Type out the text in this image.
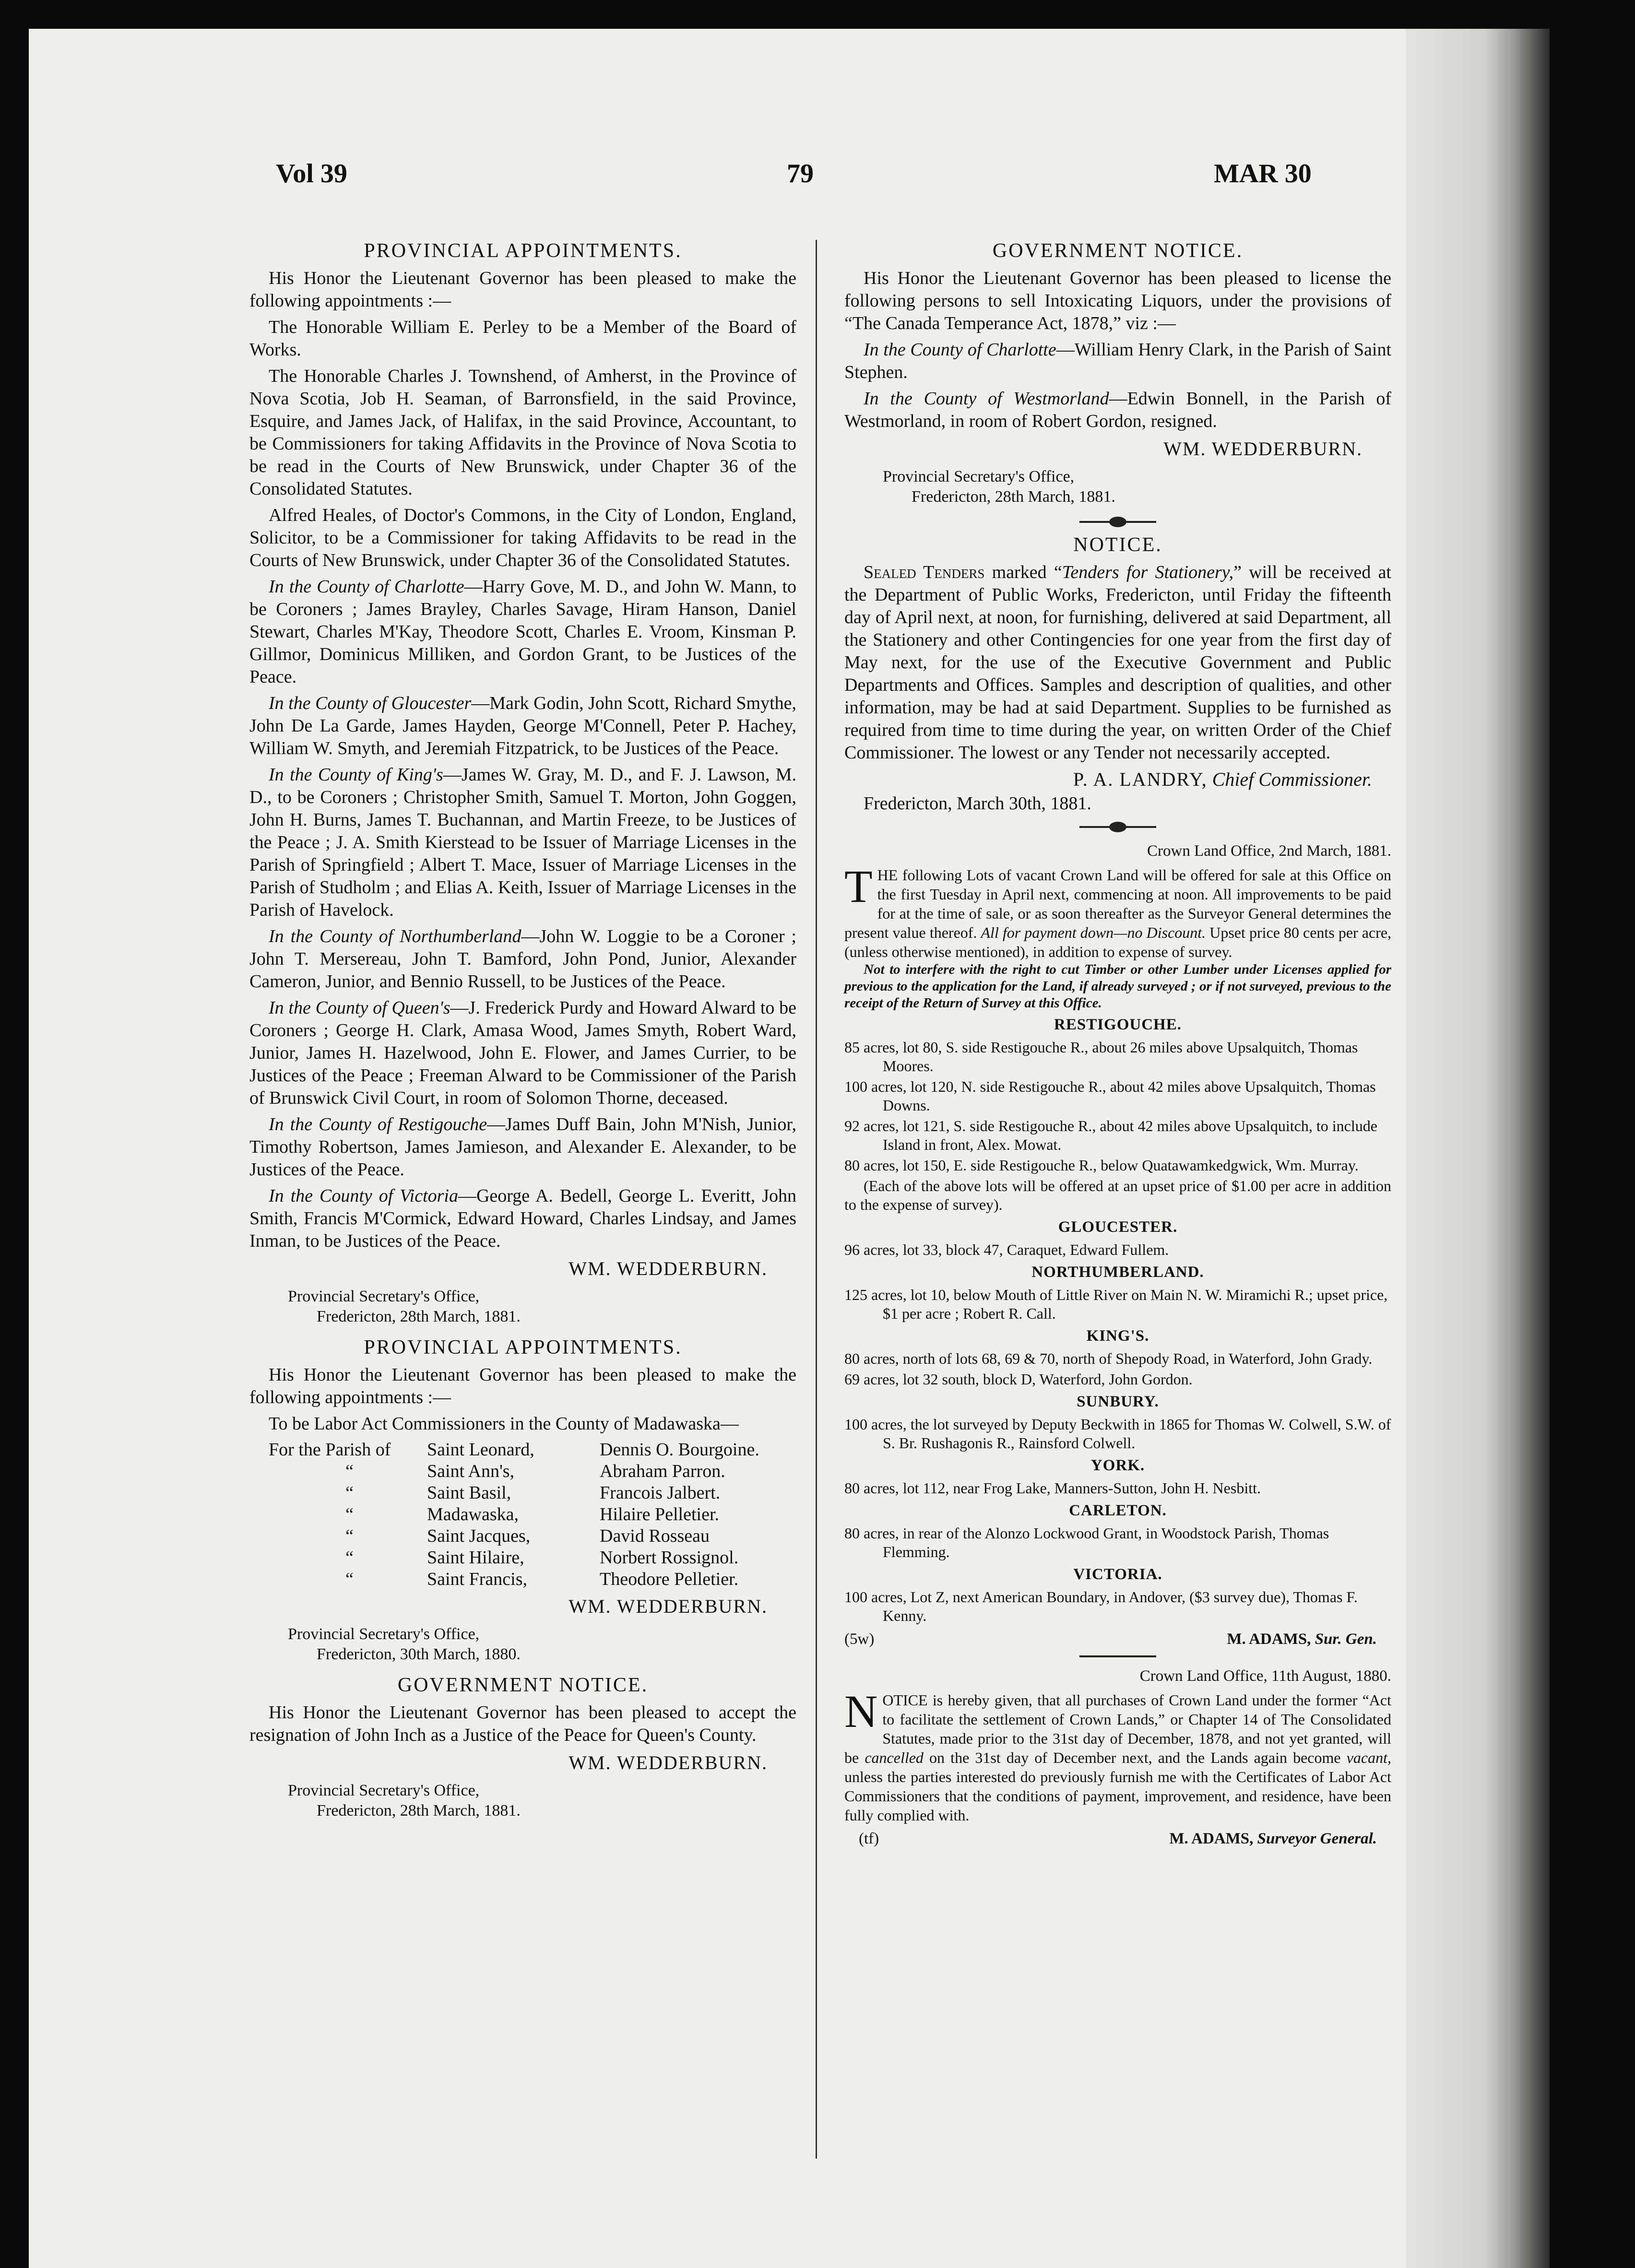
Vol 39	79	MAR 30
PROVINCIAL APPOINTMENTS.

His Honor the Lieutenant Governor has been pleased to make the following appointments :—

The Honorable William E. Perley to be a Member of the Board of Works.

The Honorable Charles J. Townshend, of Amherst, in the Province of Nova Scotia, Job H. Seaman, of Barronsfield, in the said Province, Esquire, and James Jack, of Halifax, in the said Province, Accountant, to be Commissioners for taking Affidavits in the Province of Nova Scotia to be read in the Courts of New Brunswick, under Chapter 36 of the Consolidated Statutes.

Alfred Heales, of Doctor's Commons, in the City of London, England, Solicitor, to be a Commissioner for taking Affidavits to be read in the Courts of New Brunswick, under Chapter 36 of the Consolidated Statutes.

In the County of Charlotte—Harry Gove, M. D., and John W. Mann, to be Coroners ; James Brayley, Charles Savage, Hiram Hanson, Daniel Stewart, Charles M'Kay, Theodore Scott, Charles E. Vroom, Kinsman P. Gillmor, Dominicus Milliken, and Gordon Grant, to be Justices of the Peace.

In the County of Gloucester—Mark Godin, John Scott, Richard Smythe, John De La Garde, James Hayden, George M'Connell, Peter P. Hachey, William W. Smyth, and Jeremiah Fitzpatrick, to be Justices of the Peace.

In the County of King's—James W. Gray, M. D., and F. J. Lawson, M. D., to be Coroners ; Christopher Smith, Samuel T. Morton, John Goggen, John H. Burns, James T. Buchannan, and Martin Freeze, to be Justices of the Peace ; J. A. Smith Kierstead to be Issuer of Marriage Licenses in the Parish of Springfield ; Albert T. Mace, Issuer of Marriage Licenses in the Parish of Studholm ; and Elias A. Keith, Issuer of Marriage Licenses in the Parish of Havelock.

In the County of Northumberland—John W. Loggie to be a Coroner ; John T. Mersereau, John T. Bamford, John Pond, Junior, Alexander Cameron, Junior, and Bennio Russell, to be Justices of the Peace.

In the County of Queen's—J. Frederick Purdy and Howard Alward to be Coroners ; George H. Clark, Amasa Wood, James Smyth, Robert Ward, Junior, James H. Hazelwood, John E. Flower, and James Currier, to be Justices of the Peace ; Freeman Alward to be Commissioner of the Parish of Brunswick Civil Court, in room of Solomon Thorne, deceased.

In the County of Restigouche—James Duff Bain, John M'Nish, Junior, Timothy Robertson, James Jamieson, and Alexander E. Alexander, to be Justices of the Peace.

In the County of Victoria—George A. Bedell, George L. Everitt, John Smith, Francis M'Cormick, Edward Howard, Charles Lindsay, and James Inman, to be Justices of the Peace.

WM. WEDDERBURN.
Provincial Secretary's Office,
Fredericton, 28th March, 1881.
PROVINCIAL APPOINTMENTS.

His Honor the Lieutenant Governor has been pleased to make the following appointments :—

To be Labor Act Commissioners in the County of Madawaska—

For the Parish of	Saint Leonard,	Dennis O. Bourgoine.
“	Saint Ann's,	Abraham Parron.
“	Saint Basil,	Francois Jalbert.
“	Madawaska,	Hilaire Pelletier.
“	Saint Jacques,	David Rosseau
“	Saint Hilaire,	Norbert Rossignol.
“	Saint Francis,	Theodore Pelletier.
WM. WEDDERBURN.
Provincial Secretary's Office,
Fredericton, 30th March, 1880.
GOVERNMENT NOTICE.

His Honor the Lieutenant Governor has been pleased to accept the resignation of John Inch as a Justice of the Peace for Queen's County.

WM. WEDDERBURN.
Provincial Secretary's Office,
Fredericton, 28th March, 1881.
GOVERNMENT NOTICE.

His Honor the Lieutenant Governor has been pleased to license the following persons to sell Intoxicating Liquors, under the provisions of “The Canada Temperance Act, 1878,” viz :—

In the County of Charlotte—William Henry Clark, in the Parish of Saint Stephen.

In the County of Westmorland—Edwin Bonnell, in the Parish of Westmorland, in room of Robert Gordon, resigned.

WM. WEDDERBURN.
Provincial Secretary's Office,
Fredericton, 28th March, 1881.
NOTICE.

Sealed Tenders marked “Tenders for Stationery,” will be received at the Department of Public Works, Fredericton, until Friday the fifteenth day of April next, at noon, for furnishing, delivered at said Department, all the Stationery and other Contingencies for one year from the first day of May next, for the use of the Executive Government and Public Departments and Offices. Samples and description of qualities, and other information, may be had at said Department. Supplies to be furnished as required from time to time during the year, on written Order of the Chief Commissioner. The lowest or any Tender not necessarily accepted.

P. A. LANDRY, Chief Commissioner.
Fredericton, March 30th, 1881.
Crown Land Office, 2nd March, 1881.
THE following Lots of vacant Crown Land will be offered for sale at this Office on the first Tuesday in April next, commencing at noon. All improvements to be paid for at the time of sale, or as soon thereafter as the Surveyor General determines the present value thereof. All for payment down—no Discount. Upset price 80 cents per acre, (unless otherwise mentioned), in addition to expense of survey.
Not to interfere with the right to cut Timber or other Lumber under Licenses applied for previous to the application for the Land, if already surveyed ; or if not surveyed, previous to the receipt of the Return of Survey at this Office.
RESTIGOUCHE.
85 acres, lot 80, S. side Restigouche R., about 26 miles above Upsalquitch, Thomas Moores.
100 acres, lot 120, N. side Restigouche R., about 42 miles above Upsalquitch, Thomas Downs.
92 acres, lot 121, S. side Restigouche R., about 42 miles above Upsalquitch, to include Island in front, Alex. Mowat.
80 acres, lot 150, E. side Restigouche R., below Quatawamkedgwick, Wm. Murray.
(Each of the above lots will be offered at an upset price of $1.00 per acre in addition to the expense of survey).
GLOUCESTER.
96 acres, lot 33, block 47, Caraquet, Edward Fullem.
NORTHUMBERLAND.
125 acres, lot 10, below Mouth of Little River on Main N. W. Miramichi R.; upset price, $1 per acre ; Robert R. Call.
KING'S.
80 acres, north of lots 68, 69 & 70, north of Shepody Road, in Waterford, John Grady.
69 acres, lot 32 south, block D, Waterford, John Gordon.
SUNBURY.
100 acres, the lot surveyed by Deputy Beckwith in 1865 for Thomas W. Colwell, S.W. of S. Br. Rushagonis R., Rainsford Colwell.
YORK.
80 acres, lot 112, near Frog Lake, Manners-Sutton, John H. Nesbitt.
CARLETON.
80 acres, in rear of the Alonzo Lockwood Grant, in Woodstock Parish, Thomas Flemming.
VICTORIA.
100 acres, Lot Z, next American Boundary, in Andover, ($3 survey due), Thomas F. Kenny.
(5w)	M. ADAMS, Sur. Gen.
Crown Land Office, 11th August, 1880.
NOTICE is hereby given, that all purchases of Crown Land under the former “Act to facilitate the settlement of Crown Lands,” or Chapter 14 of The Consolidated Statutes, made prior to the 31st day of December, 1878, and not yet granted, will be cancelled on the 31st day of December next, and the Lands again become vacant, unless the parties interested do previously furnish me with the Certificates of Labor Act Commissioners that the conditions of payment, improvement, and residence, have been fully complied with.
(tf)	M. ADAMS, Surveyor General.
